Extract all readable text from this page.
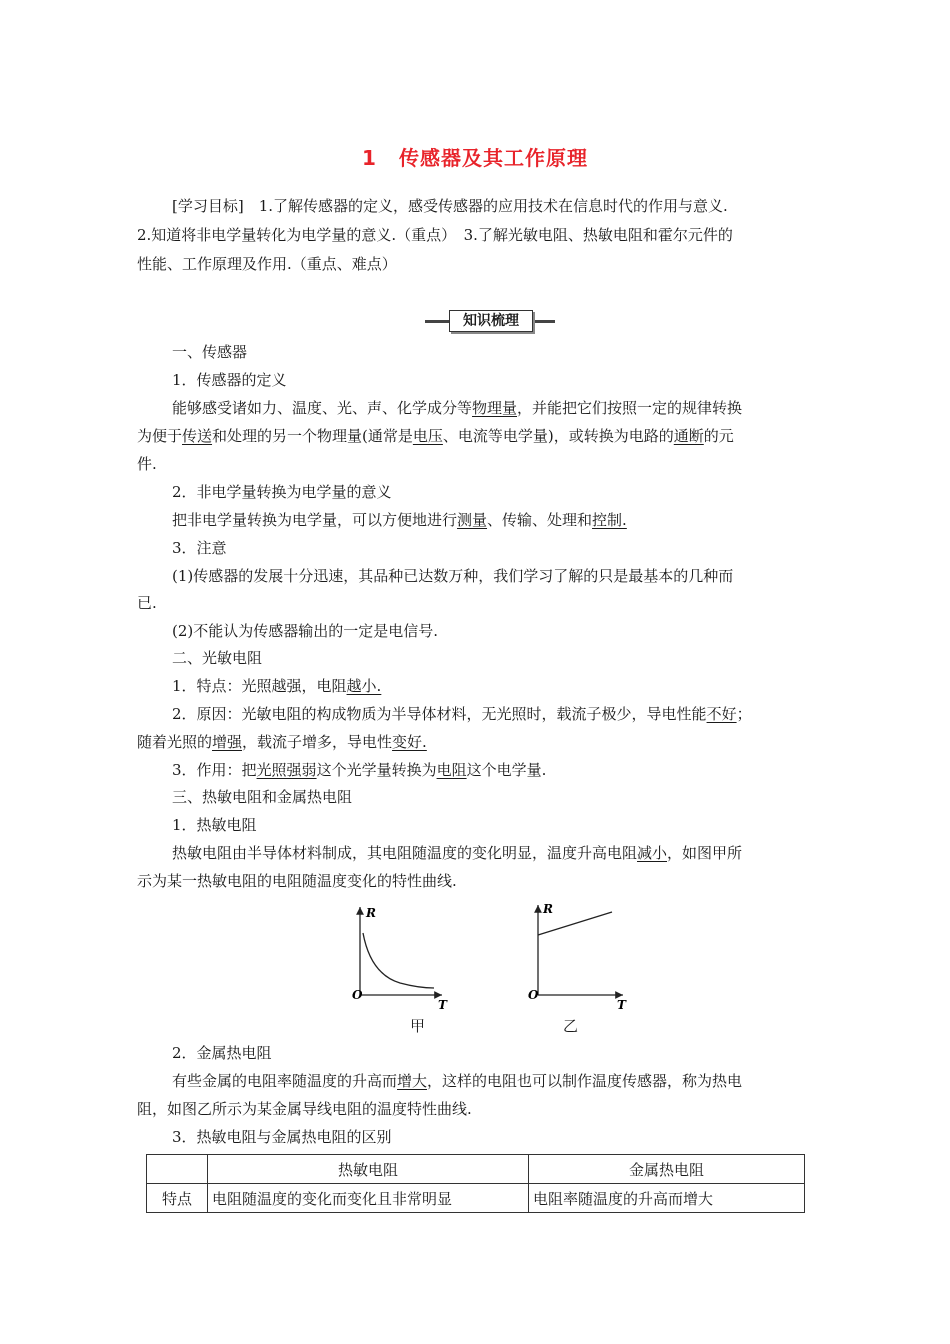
1 传感器及其工作原理
[学习目标]　1.了解传感器的定义，感受传感器的应用技术在信息时代的作用与意义.
2.知道将非电学量转化为电学量的意义.（重点）　3.了解光敏电阻、热敏电阻和霍尔元件的
性能、工作原理及作用.（重点、难点）
知识梳理
一、传感器
1．传感器的定义
能够感受诸如力、温度、光、声、化学成分等物理量，并能把它们按照一定的规律转换
为便于传送和处理的另一个物理量(通常是电压、电流等电学量)，或转换为电路的通断的元
件.
2．非电学量转换为电学量的意义
把非电学量转换为电学量，可以方便地进行测量、传输、处理和控制.
3．注意
(1)传感器的发展十分迅速，其品种已达数万种，我们学习了解的只是最基本的几种而
已.
(2)不能认为传感器输出的一定是电信号.
二、光敏电阻
1．特点：光照越强，电阻越小.
2．原因：光敏电阻的构成物质为半导体材料，无光照时，载流子极少，导电性能不好；
随着光照的增强，载流子增多，导电性变好.
3．作用：把光照强弱这个光学量转换为电阻这个电学量.
三、热敏电阻和金属热电阻
1．热敏电阻
热敏电阻由半导体材料制成，其电阻随温度的变化明显，温度升高电阻减小，如图甲所
示为某一热敏电阻的电阻随温度变化的特性曲线.
R
O
T
R
O
T
甲	乙
2．金属热电阻
有些金属的电阻率随温度的升高而增大，这样的电阻也可以制作温度传感器，称为热电
阻，如图乙所示为某金属导线电阻的温度特性曲线.
3．热敏电阻与金属热电阻的区别
	热敏电阻	金属热电阻
特点	电阻随温度的变化而变化且非常明显	电阻率随温度的升高而增大
